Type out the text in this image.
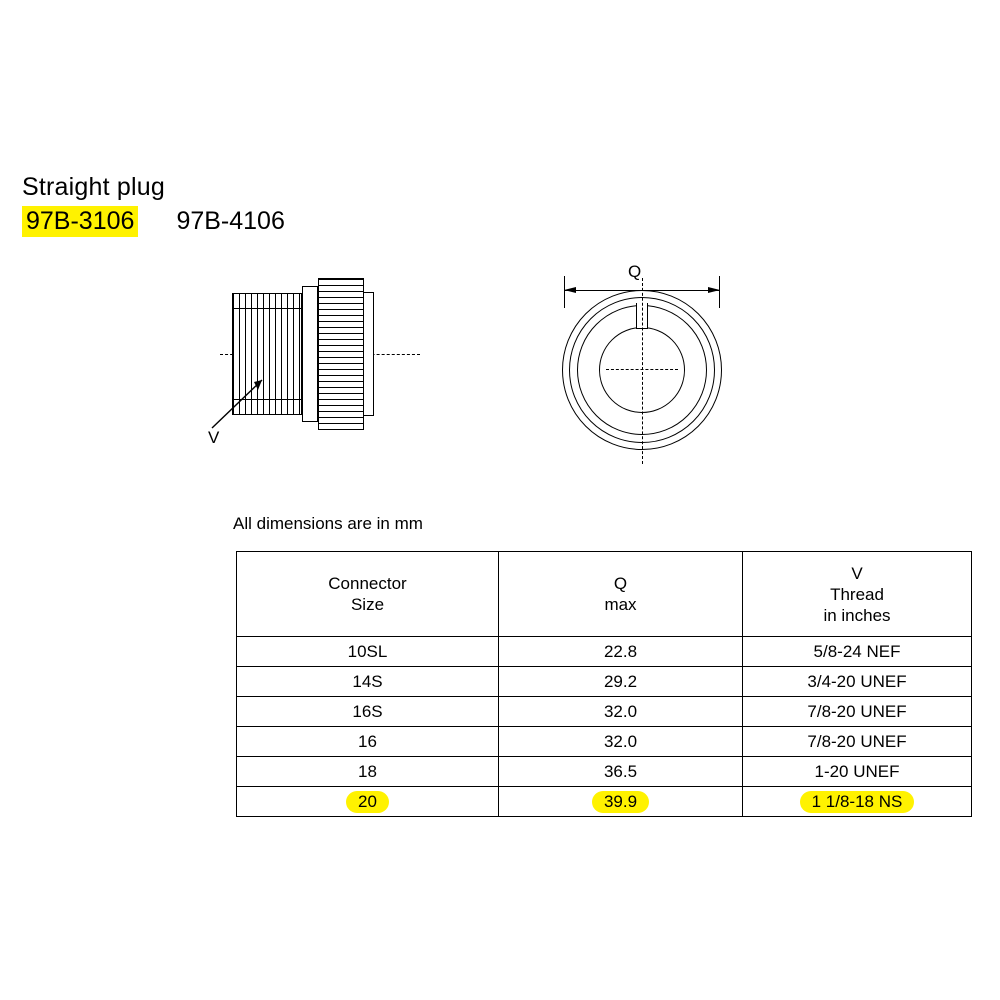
Straight plug
97B-3106 97B-4106
V
Q
All dimensions are in mm
Connector
Size

Q
max

V
Thread
in inches

10SL	22.8	5/8-24 NEF
14S	29.2	3/4-20 UNEF
16S	32.0	7/8-20 UNEF
16	32.0	7/8-20 UNEF
18	36.5	1-20 UNEF
20	39.9	1 1/8-18 NS
